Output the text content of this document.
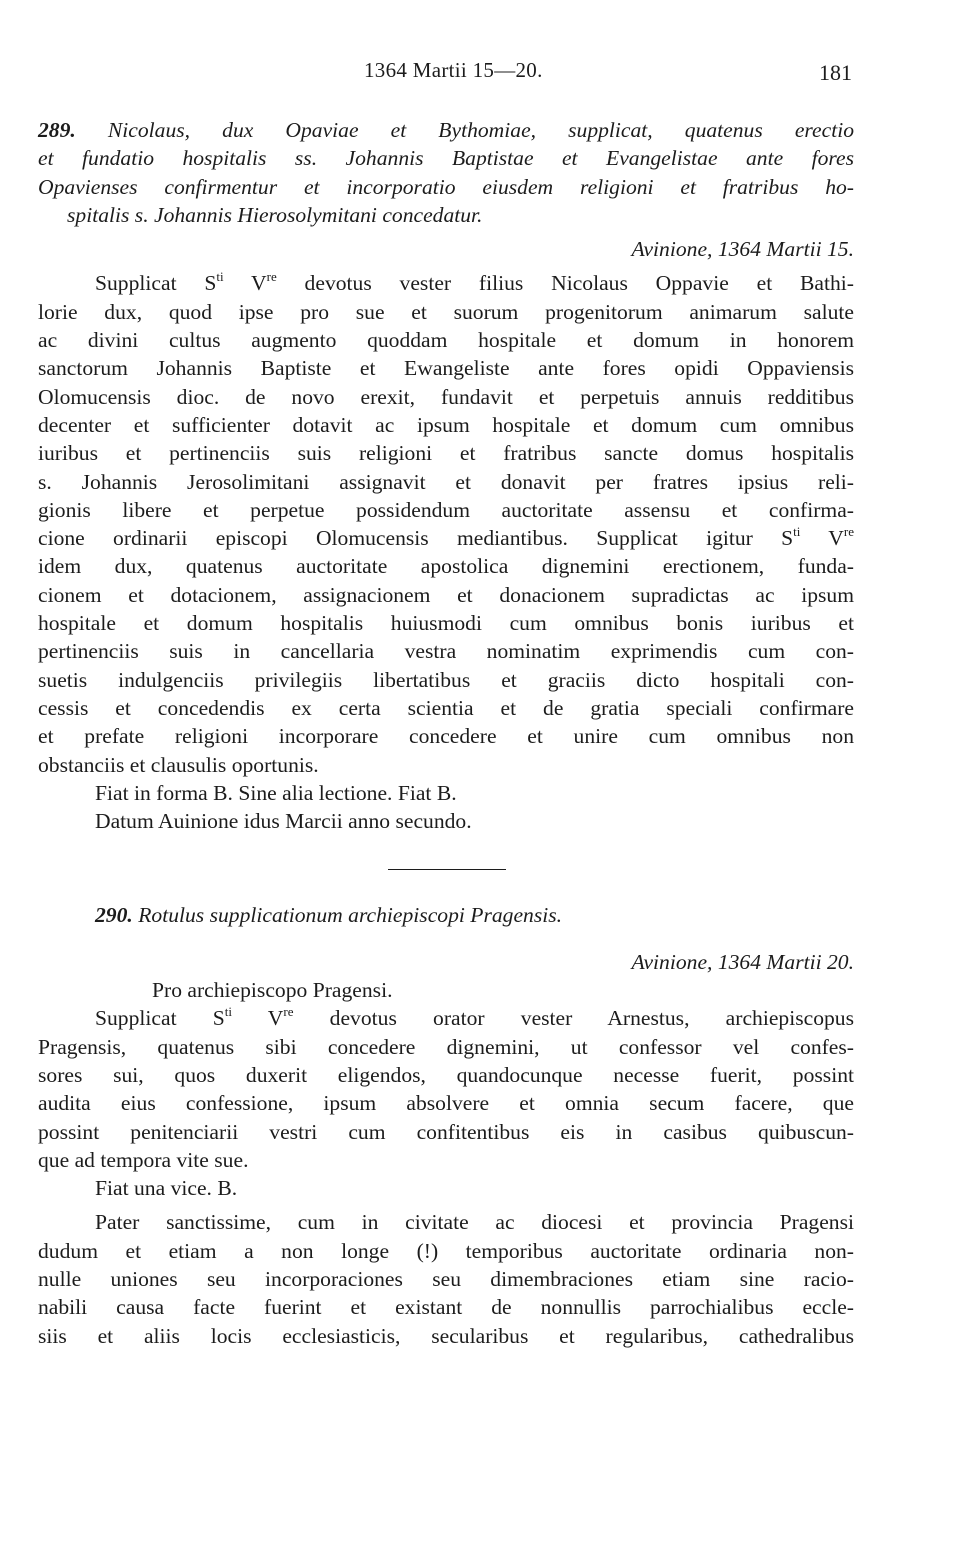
1364 Martii 15—20.	181
289. Nicolaus, dux Opaviae et Bythomiae, supplicat, quatenus erectio
et fundatio hospitalis ss. Johannis Baptistae et Evangelistae ante fores
Opavienses confirmentur et incorporatio eiusdem religioni et fratribus ho-
spitalis s. Johannis Hierosolymitani concedatur.
Avinione, 1364 Martii 15.
Supplicat $S^{ti}$ Vre devotus vester filius Nicolaus Oppavie et Bathi-
lorie dux, quod ipse pro sue et suorum progenitorum animarum salute
ac divini cultus augmento quoddam hospitale et domum in honorem
sanctorum Johannis Baptiste et Ewangeliste ante fores opidi Oppaviensis
Olomucensis dioc. de novo erexit, fundavit et perpetuis annuis redditibus
decenter et sufficienter dotavit ac ipsum hospitale et domum cum omnibus
iuribus et pertinenciis suis religioni et fratribus sancte domus hospitalis
s. Johannis Jerosolimitani assignavit et donavit per fratres ipsius reli-
gionis libere et perpetue possidendum auctoritate assensu et confirma-
cione ordinarii episcopi Olomucensis mediantibus. Supplicat igitur $S^{ti}$ Vre
idem dux, quatenus auctoritate apostolica dignemini erectionem, funda-
cionem et dotacionem, assignacionem et donacionem supradictas ac ipsum
hospitale et domum hospitalis huiusmodi cum omnibus bonis iuribus et
pertinenciis suis in cancellaria vestra nominatim exprimendis cum con-
suetis indulgenciis privilegiis libertatibus et graciis dicto hospitali con-
cessis et concedendis ex certa scientia et de gratia speciali confirmare
et prefate religioni incorporare concedere et unire cum omnibus non
obstanciis et clausulis oportunis.
Fiat in forma B. Sine alia lectione. Fiat B.
Datum Auinione idus Marcii anno secundo.
290. Rotulus supplicationum archiepiscopi Pragensis.
Avinione, 1364 Martii 20.
Pro archiepiscopo Pragensi.
Supplicat $S^{ti}$ Vre devotus orator vester Arnestus, archiepiscopus
Pragensis, quatenus sibi concedere dignemini, ut confessor vel confes-
sores sui, quos duxerit eligendos, quandocunque necesse fuerit, possint
audita eius confessione, ipsum absolvere et omnia secum facere, que
possint penitenciarii vestri cum confitentibus eis in casibus quibuscun-
que ad tempora vite sue.
Fiat una vice. B.
Pater sanctissime, cum in civitate ac diocesi et provincia Pragensi
dudum et etiam a non longe (!) temporibus auctoritate ordinaria non-
nulle uniones seu incorporaciones seu dimembraciones etiam sine racio-
nabili causa facte fuerint et existant de nonnullis parrochialibus eccle-
siis et aliis locis ecclesiasticis, secularibus et regularibus, cathedralibus
